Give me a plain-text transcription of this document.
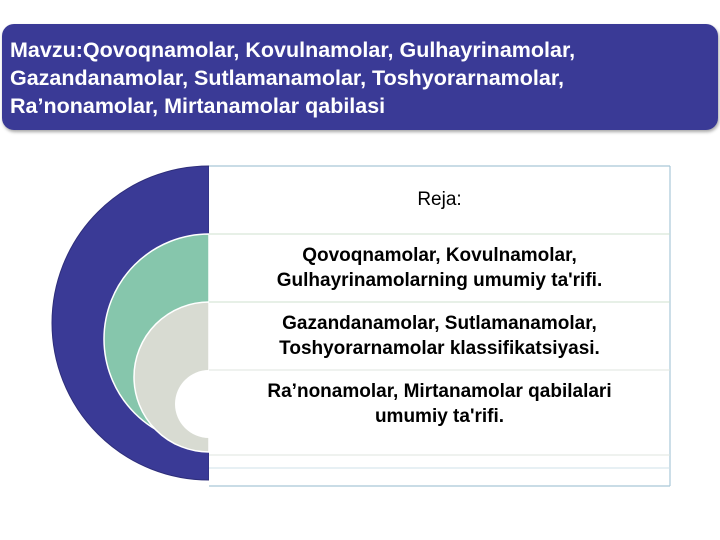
Mavzu:Qovoqnamolar, Kovulnamolar, Gulhayrinamolar,
Gazandanamolar, Sutlamanamolar, Toshyorarnamolar,
Ra’nonamolar, Mirtanamolar qabilasi

Reja:
Qovoqnamolar, Kovulnamolar,
Gulhayrinamolarning umumiy ta'rifi.
Gazandanamolar, Sutlamanamolar,
Toshyorarnamolar klassifikatsiyasi.
Ra’nonamolar, Mirtanamolar qabilalari
umumiy ta'rifi.
